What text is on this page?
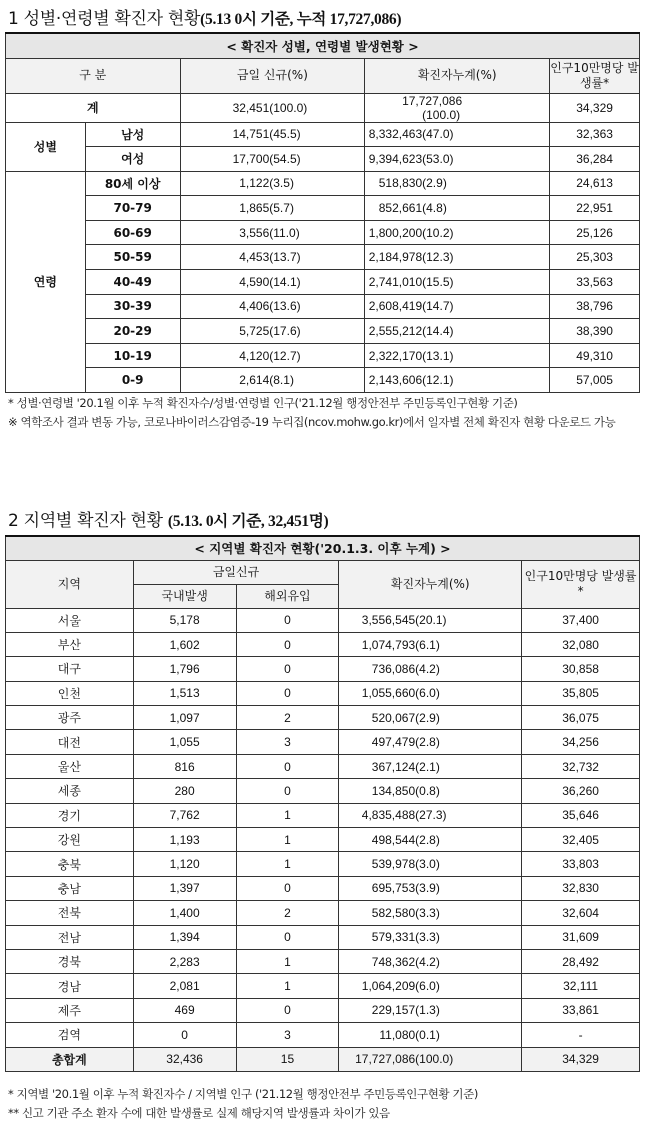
1 성별·연령별 확진자 현황(5.13 0시 기준, 누적 17,727,086)
< 확진자 성별, 연령별 발생현황 >				
구 분		금일 신규(%)	확진자누계(%)	인구10만명당 발생률*
계		32,451(100.0)	17,727,086(100.0)	34,329
성별	남성	14,751(45.5)	8,332,463(47.0)	32,363
	여성	17,700(54.5)	9,394,623(53.0)	36,284
연령	80세 이상	1,122(3.5)	518,830(2.9)	24,613
	70-79	1,865(5.7)	852,661(4.8)	22,951
	60-69	3,556(11.0)	1,800,200(10.2)	25,126
	50-59	4,453(13.7)	2,184,978(12.3)	25,303
	40-49	4,590(14.1)	2,741,010(15.5)	33,563
	30-39	4,406(13.6)	2,608,419(14.7)	38,796
	20-29	5,725(17.6)	2,555,212(14.4)	38,390
	10-19	4,120(12.7)	2,322,170(13.1)	49,310
	0-9	2,614(8.1)	2,143,606(12.1)	57,005
* 성별·연령별 '20.1월 이후 누적 확진자수/성별·연령별 인구('21.12월 행정안전부 주민등록인구현황 기준)
※ 역학조사 결과 변동 가능, 코로나바이러스감염증-19 누리집(ncov.mohw.go.kr)에서 일자별 전체 확진자 현황 다운로드 가능
2 지역별 확진자 현황 (5.13. 0시 기준, 32,451명)
< 지역별 확진자 현황('20.1.3. 이후 누계) >				
지역	금일신규		확진자누계(%)	인구10만명당 발생률*
	국내발생	해외유입		
서울	5,178	0	3,556,545(20.1)	37,400
부산	1,602	0	1,074,793(6.1)	32,080
대구	1,796	0	736,086(4.2)	30,858
인천	1,513	0	1,055,660(6.0)	35,805
광주	1,097	2	520,067(2.9)	36,075
대전	1,055	3	497,479(2.8)	34,256
울산	816	0	367,124(2.1)	32,732
세종	280	0	134,850(0.8)	36,260
경기	7,762	1	4,835,488(27.3)	35,646
강원	1,193	1	498,544(2.8)	32,405
충북	1,120	1	539,978(3.0)	33,803
충남	1,397	0	695,753(3.9)	32,830
전북	1,400	2	582,580(3.3)	32,604
전남	1,394	0	579,331(3.3)	31,609
경북	2,283	1	748,362(4.2)	28,492
경남	2,081	1	1,064,209(6.0)	32,111
제주	469	0	229,157(1.3)	33,861
검역	0	3	11,080(0.1)	-
총합계	32,436	15	17,727,086(100.0)	34,329
* 지역별 '20.1월 이후 누적 확진자수 / 지역별 인구 ('21.12월 행정안전부 주민등록인구현황 기준)
** 신고 기관 주소 환자 수에 대한 발생률로 실제 해당지역 발생률과 차이가 있음
